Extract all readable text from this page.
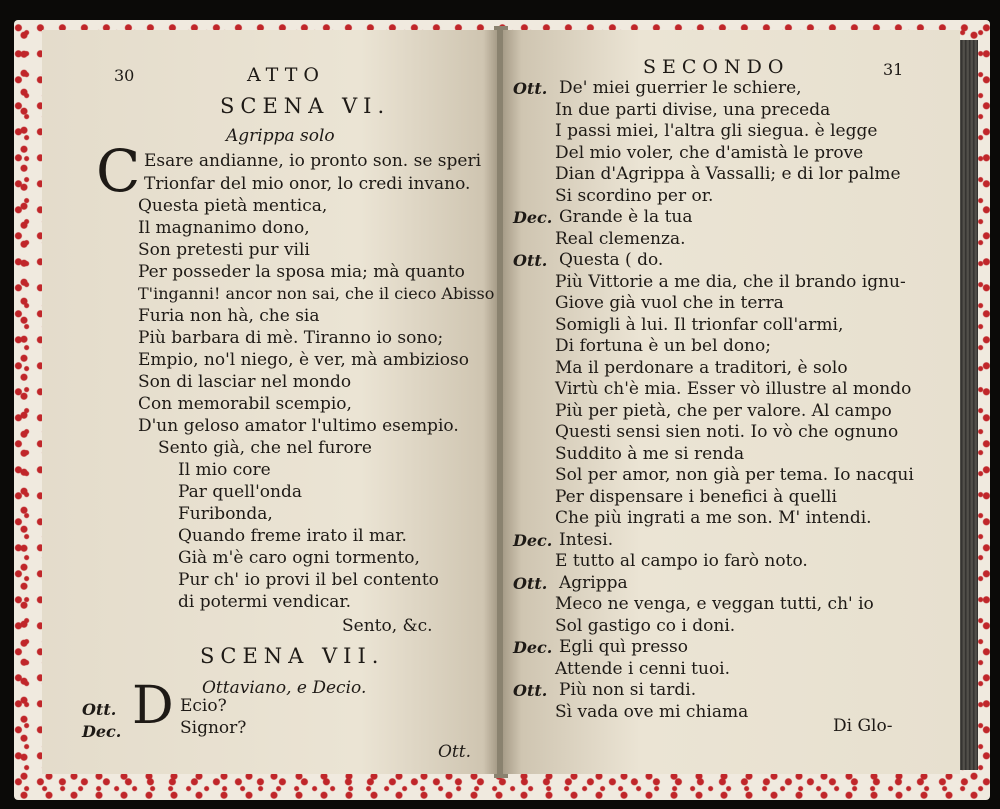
30	ATTO
SCENA VI.
Agrippa solo
C Esare andianne, io pronto son. se speri
Trionfar del mio onor, lo credi invano.
Questa pietà mentica,
Il magnanimo dono,
Son pretesti pur vili
Per posseder la sposa mia; mà quanto
T'inganni! ancor non sai, che il cieco Abisso
Furia non hà, che sia
Più barbara di mè. Tiranno io sono;
Empio, no'l niego, è ver, mà ambizioso
Son di lasciar nel mondo
Con memorabil scempio,
D'un geloso amator l'ultimo esempio.
Sento già, che nel furore
Il mio core
Par quell'onda
Furibonda,
Quando freme irato il mar.
Già m'è caro ogni tormento,
Pur ch' io provi il bel contento
di potermi vendicar.
Sento, &c.
SCENA VII.
Ottaviano, e Decio.
Ott.
Dec. D Ecio?
Signor?
Ott.
SECONDO	31
Ott. De' miei guerrier le schiere,
In due parti divise, una preceda
I passi miei, l'altra gli siegua. è legge
Del mio voler, che d'amistà le prove
Dian d'Agrippa à Vassalli; e di lor palme
Si scordino per or.
Dec. Grande è la tua
Real clemenza.
Ott. Questa ( do.
Più Vittorie a me dia, che il brando ignu-
Giove già vuol che in terra
Somigli à lui. Il trionfar coll'armi,
Di fortuna è un bel dono;
Ma il perdonare a traditori, è solo
Virtù ch'è mia. Esser vò illustre al mondo
Più per pietà, che per valore. Al campo
Questi sensi sien noti. Io vò che ognuno
Suddito à me si renda
Sol per amor, non già per tema. Io nacqui
Per dispensare i benefici à quelli
Che più ingrati a me son. M' intendi.
Dec. Intesi.
E tutto al campo io farò noto.
Ott. Agrippa
Meco ne venga, e veggan tutti, ch' io
Sol gastigo co i doni.
Dec. Egli quì presso
Attende i cenni tuoi.
Ott. Più non si tardi.
Sì vada ove mi chiama
Di Glo-
